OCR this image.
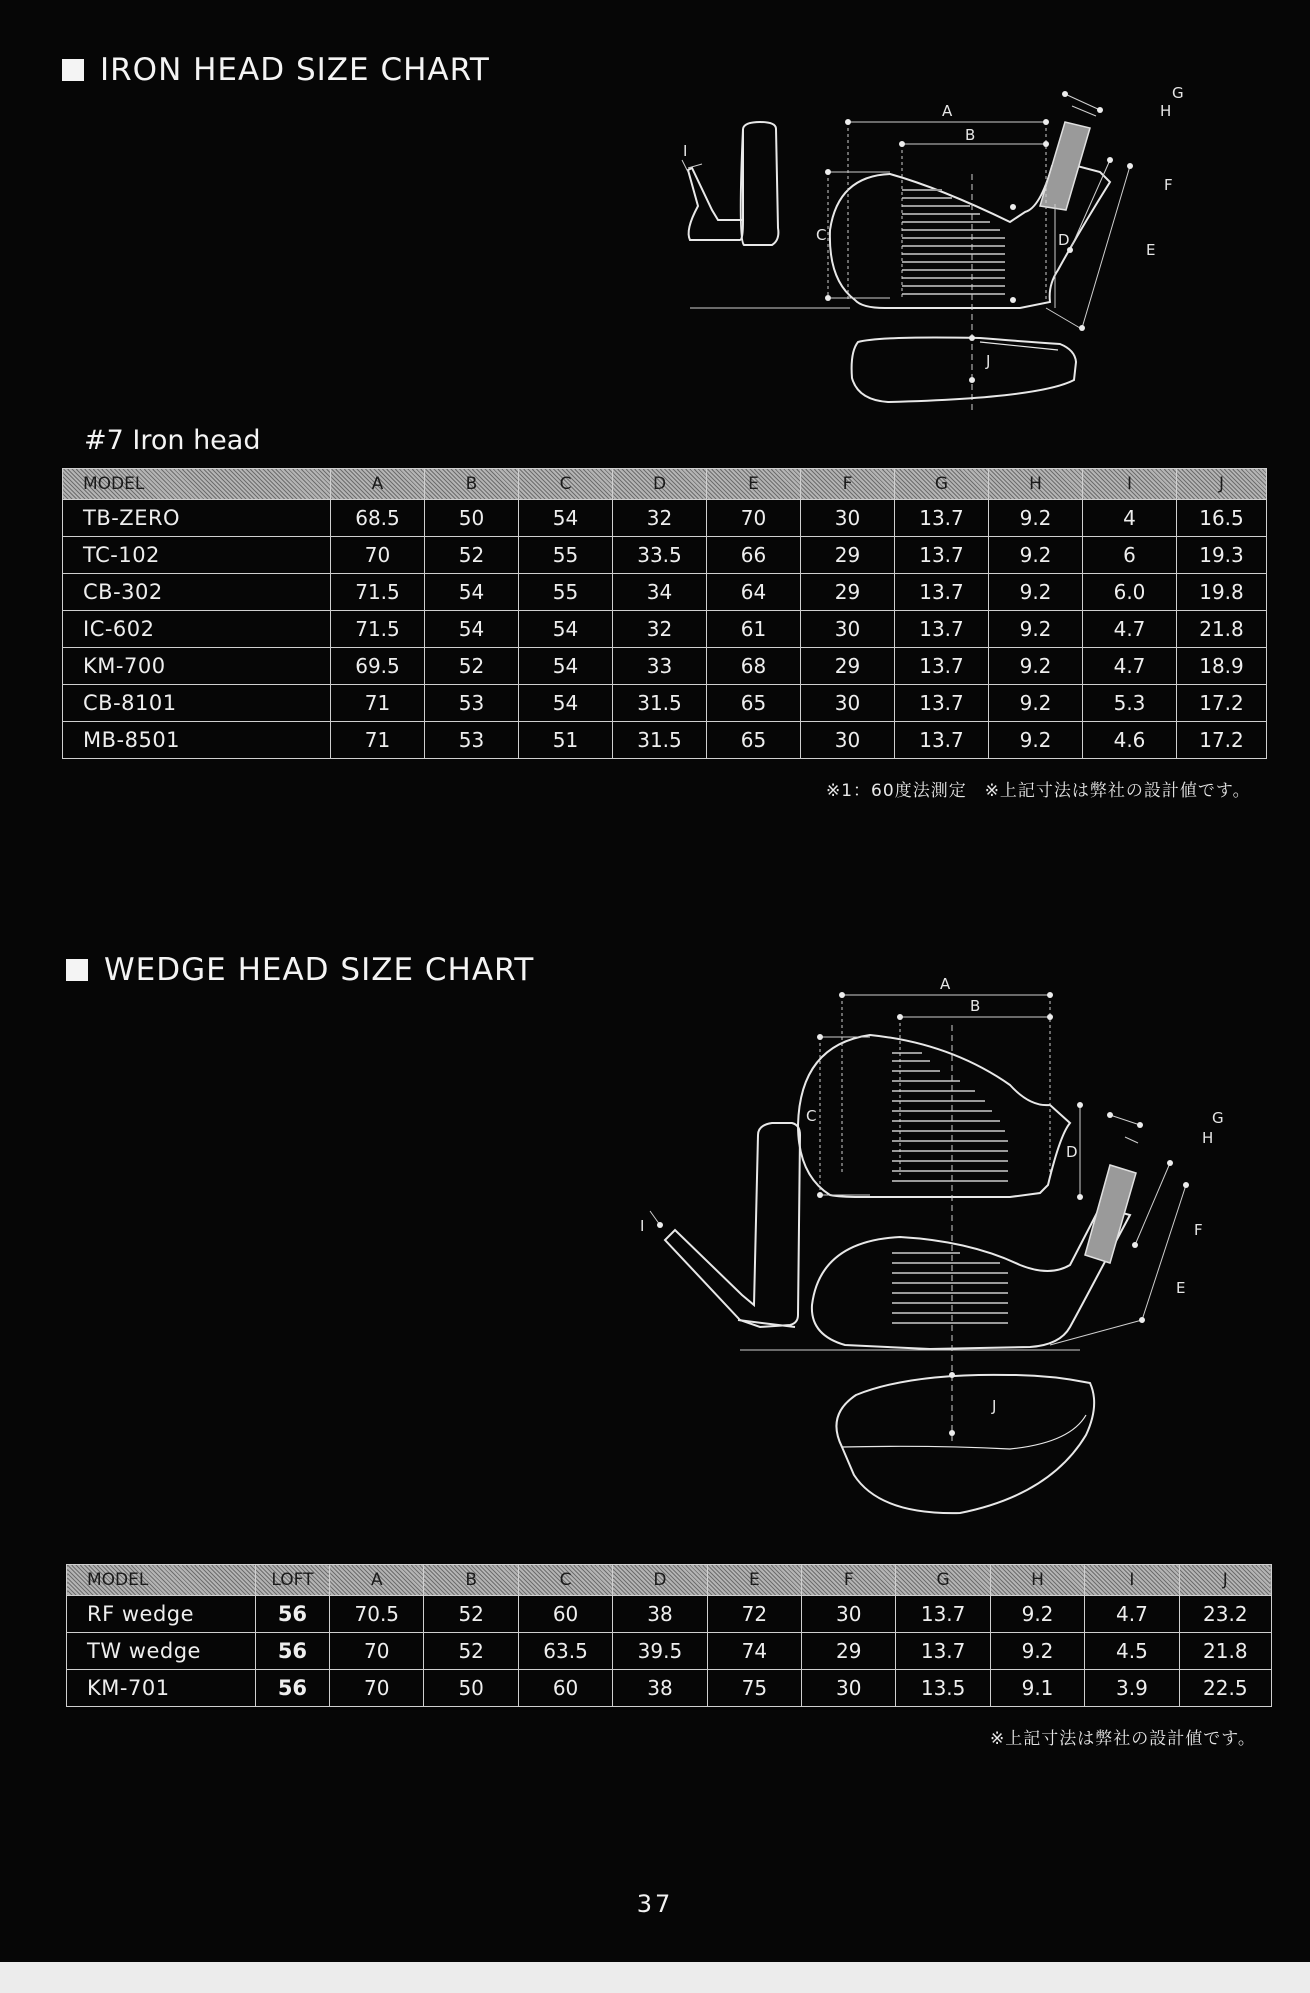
IRON HEAD SIZE CHART
A
B
C	D
E
F
G
H
I
J
#7 Iron head
MODEL	A	B	C	D	E	F	G	H	I	J
TB-ZERO	68.5	50	54	32	70	30	13.7	9.2	4	16.5
TC-102	70	52	55	33.5	66	29	13.7	9.2	6	19.3
CB-302	71.5	54	55	34	64	29	13.7	9.2	6.0	19.8
IC-602	71.5	54	54	32	61	30	13.7	9.2	4.7	21.8
KM-700	69.5	52	54	33	68	29	13.7	9.2	4.7	18.9
CB-8101	71	53	54	31.5	65	30	13.7	9.2	5.3	17.2
MB-8501	71	53	51	31.5	65	30	13.7	9.2	4.6	17.2
※1：60度法測定　※上記寸法は弊社の設計値です。
WEDGE HEAD SIZE CHART	A
B
C
D
E
F
G
H
I
J
MODEL	LOFT	A	B	C	D	E	F	G	H	I	J
RF wedge	56	70.5	52	60	38	72	30	13.7	9.2	4.7	23.2
TW wedge	56	70	52	63.5	39.5	74	29	13.7	9.2	4.5	21.8
KM-701	56	70	50	60	38	75	30	13.5	9.1	3.9	22.5
※上記寸法は弊社の設計値です。
37
